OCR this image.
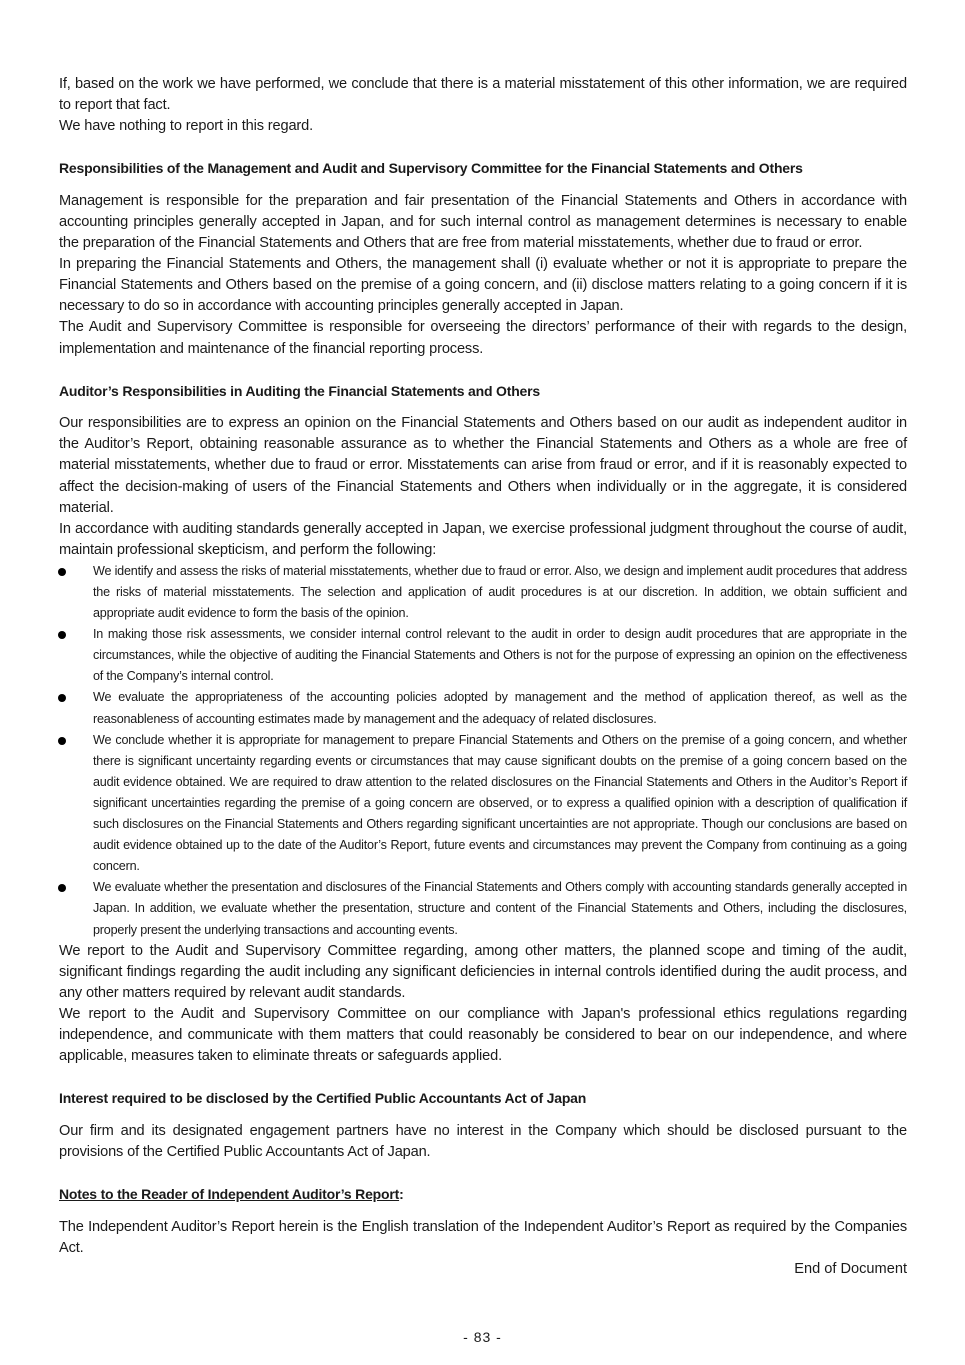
If, based on the work we have performed, we conclude that there is a material misstatement of this other information, we are required to report that fact.

We have nothing to report in this regard.

Responsibilities of the Management and Audit and Supervisory Committee for the Financial Statements and Others

Management is responsible for the preparation and fair presentation of the Financial Statements and Others in accordance with accounting principles generally accepted in Japan, and for such internal control as management determines is necessary to enable the preparation of the Financial Statements and Others that are free from material misstatements, whether due to fraud or error.

In preparing the Financial Statements and Others, the management shall (i) evaluate whether or not it is appropriate to prepare the Financial Statements and Others based on the premise of a going concern, and (ii) disclose matters relating to a going concern if it is necessary to do so in accordance with accounting principles generally accepted in Japan.

The Audit and Supervisory Committee is responsible for overseeing the directors’ performance of their with regards to the design, implementation and maintenance of the financial reporting process.

Auditor’s Responsibilities in Auditing the Financial Statements and Others

Our responsibilities are to express an opinion on the Financial Statements and Others based on our audit as independent auditor in the Auditor’s Report, obtaining reasonable assurance as to whether the Financial Statements and Others as a whole are free of material misstatements, whether due to fraud or error. Misstatements can arise from fraud or error, and if it is reasonably expected to affect the decision-making of users of the Financial Statements and Others when individually or in the aggregate, it is considered material.

In accordance with auditing standards generally accepted in Japan, we exercise professional judgment throughout the course of audit, maintain professional skepticism, and perform the following:

We identify and assess the risks of material misstatements, whether due to fraud or error. Also, we design and implement audit procedures that address the risks of material misstatements. The selection and application of audit procedures is at our discretion. In addition, we obtain sufficient and appropriate audit evidence to form the basis of the opinion.
In making those risk assessments, we consider internal control relevant to the audit in order to design audit procedures that are appropriate in the circumstances, while the objective of auditing the Financial Statements and Others is not for the purpose of expressing an opinion on the effectiveness of the Company’s internal control.
We evaluate the appropriateness of the accounting policies adopted by management and the method of application thereof, as well as the reasonableness of accounting estimates made by management and the adequacy of related disclosures.
We conclude whether it is appropriate for management to prepare Financial Statements and Others on the premise of a going concern, and whether there is significant uncertainty regarding events or circumstances that may cause significant doubts on the premise of a going concern based on the audit evidence obtained. We are required to draw attention to the related disclosures on the Financial Statements and Others in the Auditor’s Report if significant uncertainties regarding the premise of a going concern are observed, or to express a qualified opinion with a description of qualification if such disclosures on the Financial Statements and Others regarding significant uncertainties are not appropriate. Though our conclusions are based on audit evidence obtained up to the date of the Auditor’s Report, future events and circumstances may prevent the Company from continuing as a going concern.
We evaluate whether the presentation and disclosures of the Financial Statements and Others comply with accounting standards generally accepted in Japan. In addition, we evaluate whether the presentation, structure and content of the Financial Statements and Others, including the disclosures, properly present the underlying transactions and accounting events.

We report to the Audit and Supervisory Committee regarding, among other matters, the planned scope and timing of the audit, significant findings regarding the audit including any significant deficiencies in internal controls identified during the audit process, and any other matters required by relevant audit standards.

We report to the Audit and Supervisory Committee on our compliance with Japan's professional ethics regulations regarding independence, and communicate with them matters that could reasonably be considered to bear on our independence, and where applicable, measures taken to eliminate threats or safeguards applied.

Interest required to be disclosed by the Certified Public Accountants Act of Japan

Our firm and its designated engagement partners have no interest in the Company which should be disclosed pursuant to the provisions of the Certified Public Accountants Act of Japan.

Notes to the Reader of Independent Auditor’s Report:

The Independent Auditor’s Report herein is the English translation of the Independent Auditor’s Report as required by the Companies Act.

End of Document

- 83 -
